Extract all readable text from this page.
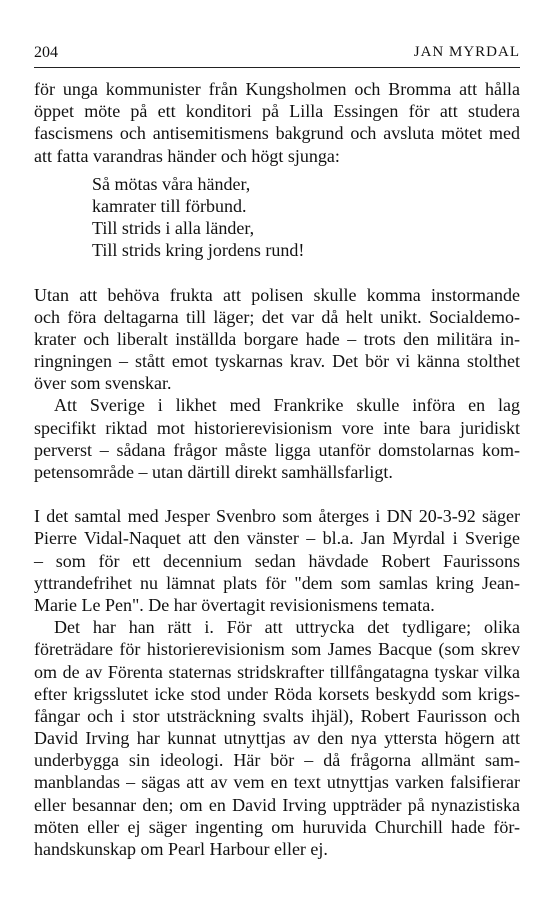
204	JAN MYRDAL
för unga kommunister från Kungsholmen och Bromma att hålla
öppet möte på ett konditori på Lilla Essingen för att studera
fascismens och antisemitismens bakgrund och avsluta mötet med
att fatta varandras händer och högt sjunga:
Så mötas våra händer,
kamrater till förbund.
Till strids i alla länder,
Till strids kring jordens rund!
Utan att behöva frukta att polisen skulle komma instormande
och föra deltagarna till läger; det var då helt unikt. Socialdemo-
krater och liberalt inställda borgare hade – trots den militära in-
ringningen – stått emot tyskarnas krav. Det bör vi känna stolthet
över som svenskar.
Att Sverige i likhet med Frankrike skulle införa en lag
specifikt riktad mot historierevisionism vore inte bara juridiskt
perverst – sådana frågor måste ligga utanför domstolarnas kom-
petensområde – utan därtill direkt samhällsfarligt.
I det samtal med Jesper Svenbro som återges i DN 20-3-92 säger
Pierre Vidal-Naquet att den vänster – bl.a. Jan Myrdal i Sverige
– som för ett decennium sedan hävdade Robert Faurissons
yttrandefrihet nu lämnat plats för "dem som samlas kring Jean-
Marie Le Pen". De har övertagit revisionismens temata.
Det har han rätt i. För att uttrycka det tydligare; olika
företrädare för historierevisionism som James Bacque (som skrev
om de av Förenta staternas stridskrafter tillfångatagna tyskar vilka
efter krigsslutet icke stod under Röda korsets beskydd som krigs-
fångar och i stor utsträckning svalts ihjäl), Robert Faurisson och
David Irving har kunnat utnyttjas av den nya yttersta högern att
underbygga sin ideologi. Här bör – då frågorna allmänt sam-
manblandas – sägas att av vem en text utnyttjas varken falsifierar
eller besannar den; om en David Irving uppträder på nynazistiska
möten eller ej säger ingenting om huruvida Churchill hade för-
handskunskap om Pearl Harbour eller ej.
